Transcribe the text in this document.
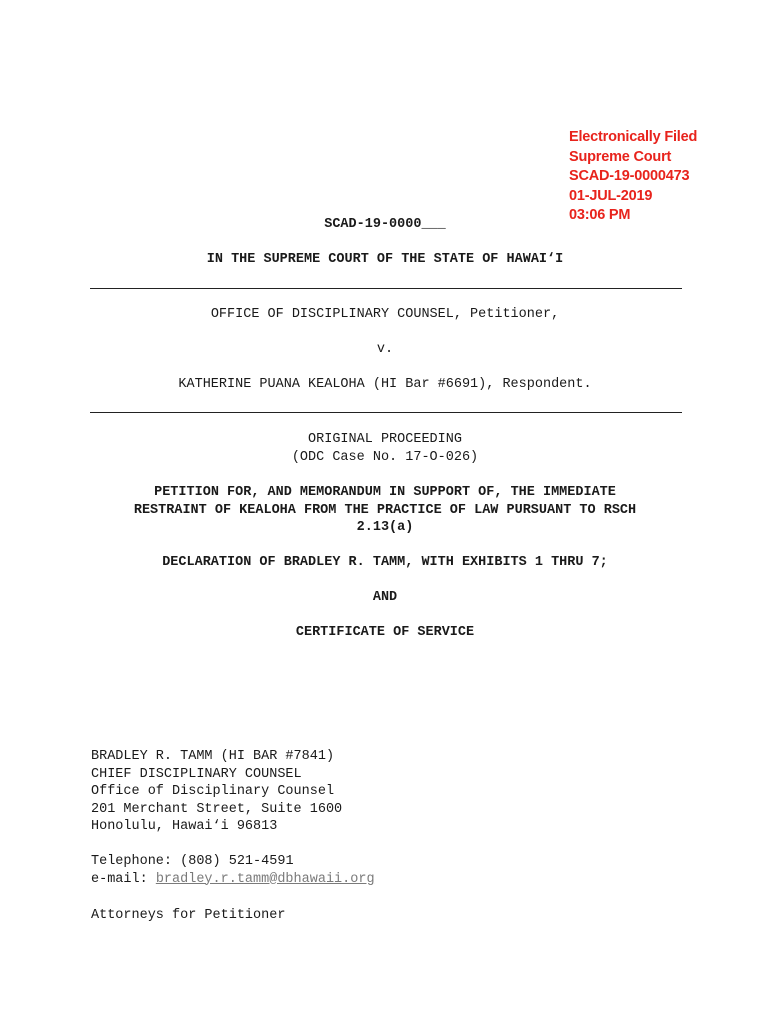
Electronically Filed
Supreme Court
SCAD-19-0000473
01-JUL-2019
03:06 PM
SCAD-19-0000___
IN THE SUPREME COURT OF THE STATE OF HAWAI‘I
OFFICE OF DISCIPLINARY COUNSEL, Petitioner,
v.
KATHERINE PUANA KEALOHA (HI Bar #6691), Respondent.
ORIGINAL PROCEEDING
(ODC Case No. 17-O-026)
PETITION FOR, AND MEMORANDUM IN SUPPORT OF, THE IMMEDIATE
RESTRAINT OF KEALOHA FROM THE PRACTICE OF LAW PURSUANT TO RSCH
2.13(a)
DECLARATION OF BRADLEY R. TAMM, WITH EXHIBITS 1 THRU 7;
AND
CERTIFICATE OF SERVICE
BRADLEY R. TAMM (HI BAR #7841)
CHIEF DISCIPLINARY COUNSEL
Office of Disciplinary Counsel
201 Merchant Street, Suite 1600
Honolulu, Hawai‘i 96813
Telephone: (808) 521-4591
e-mail: bradley.r.tamm@dbhawaii.org
Attorneys for Petitioner
